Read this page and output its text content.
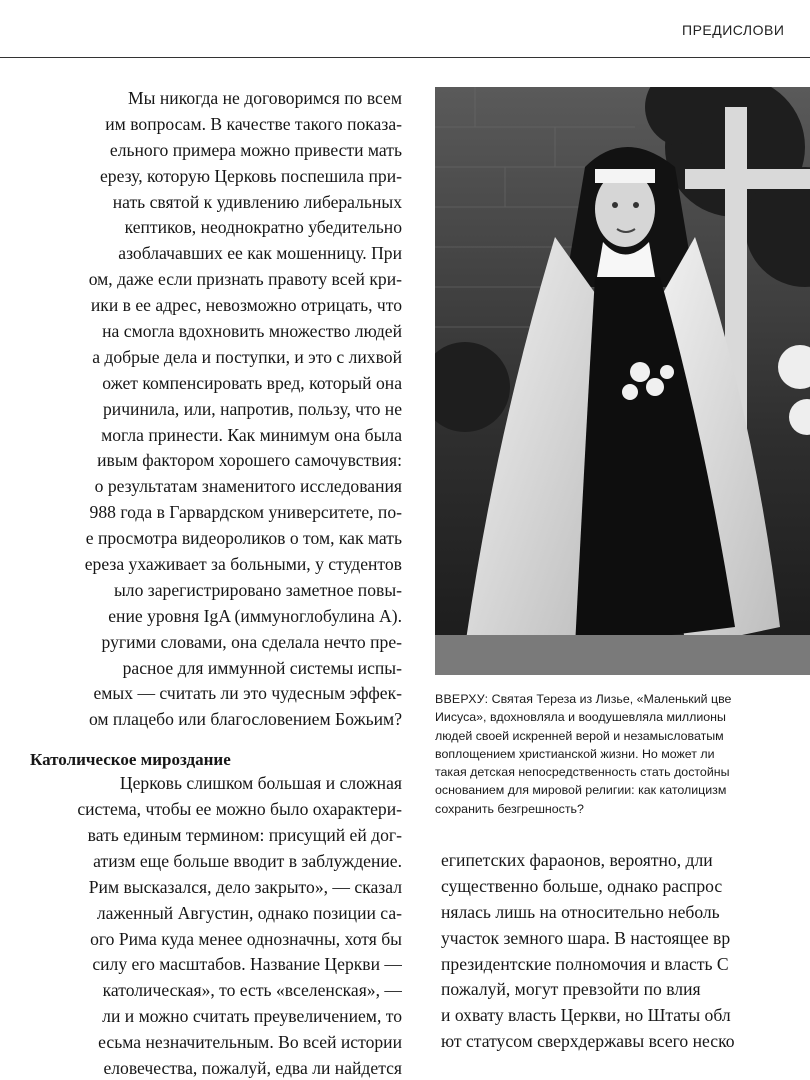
ПРЕДИСЛОВИ

Мы никогда не договоримся по всем

им вопросам. В качестве такого показа-

ельного примера можно привести мать

ерезу, которую Церковь поспешила при-

нать святой к удивлению либеральных

кептиков, неоднократно убедительно

азоблачавших ее как мошенницу. При

ом, даже если признать правоту всей кри-

ики в ее адрес, невозможно отрицать, что

на смогла вдохновить множество людей

а добрые дела и поступки, и это с лихвой

ожет компенсировать вред, который она

ричинила, или, напротив, пользу, что не

могла принести. Как минимум она была

ивым фактором хорошего самочувствия:

о результатам знаменитого исследования

988 года в Гарвардском университете, по-

е просмотра видеороликов о том, как мать

ереза ухаживает за больными, у студентов

ыло зарегистрировано заметное повы-

ение уровня IgA (иммуноглобулина А).

ругими словами, она сделала нечто пре-

расное для иммунной системы испы-

емых — считать ли это чудесным эффек-

ом плацебо или благословением Божьим?

Католическое мироздание

Церковь слишком большая и сложная

система, чтобы ее можно было охарактери-

вать единым термином: присущий ей дог-

атизм еще больше вводит в заблуждение.

Рим высказался, дело закрыто», — сказал

лаженный Августин, однако позиции са-

ого Рима куда менее однозначны, хотя бы

силу его масштабов. Название Церкви —

католическая», то есть «вселенская», —

ли и можно считать преувеличением, то

есьма незначительным. Во всей истории

еловечества, пожалуй, едва ли найдется

ВВЕРХУ: Святая Тереза из Лизье, «Маленький цве

Иисуса», вдохновляла и воодушевляла миллионы

людей своей искренней верой и незамысловатым

воплощением христианской жизни. Но может ли

такая детская непосредственность стать достойны

основанием для мировой религии: как католицизм

сохранить безгрешность?

египетских фараонов, вероятно, дли

существенно больше, однако распрос

нялась лишь на относительно неболь

участок земного шара. В настоящее вр

президентские полномочия и власть С

пожалуй, могут превзойти по влия

и охвату власть Церкви, но Штаты обл

ют статусом сверхдержавы всего неско
